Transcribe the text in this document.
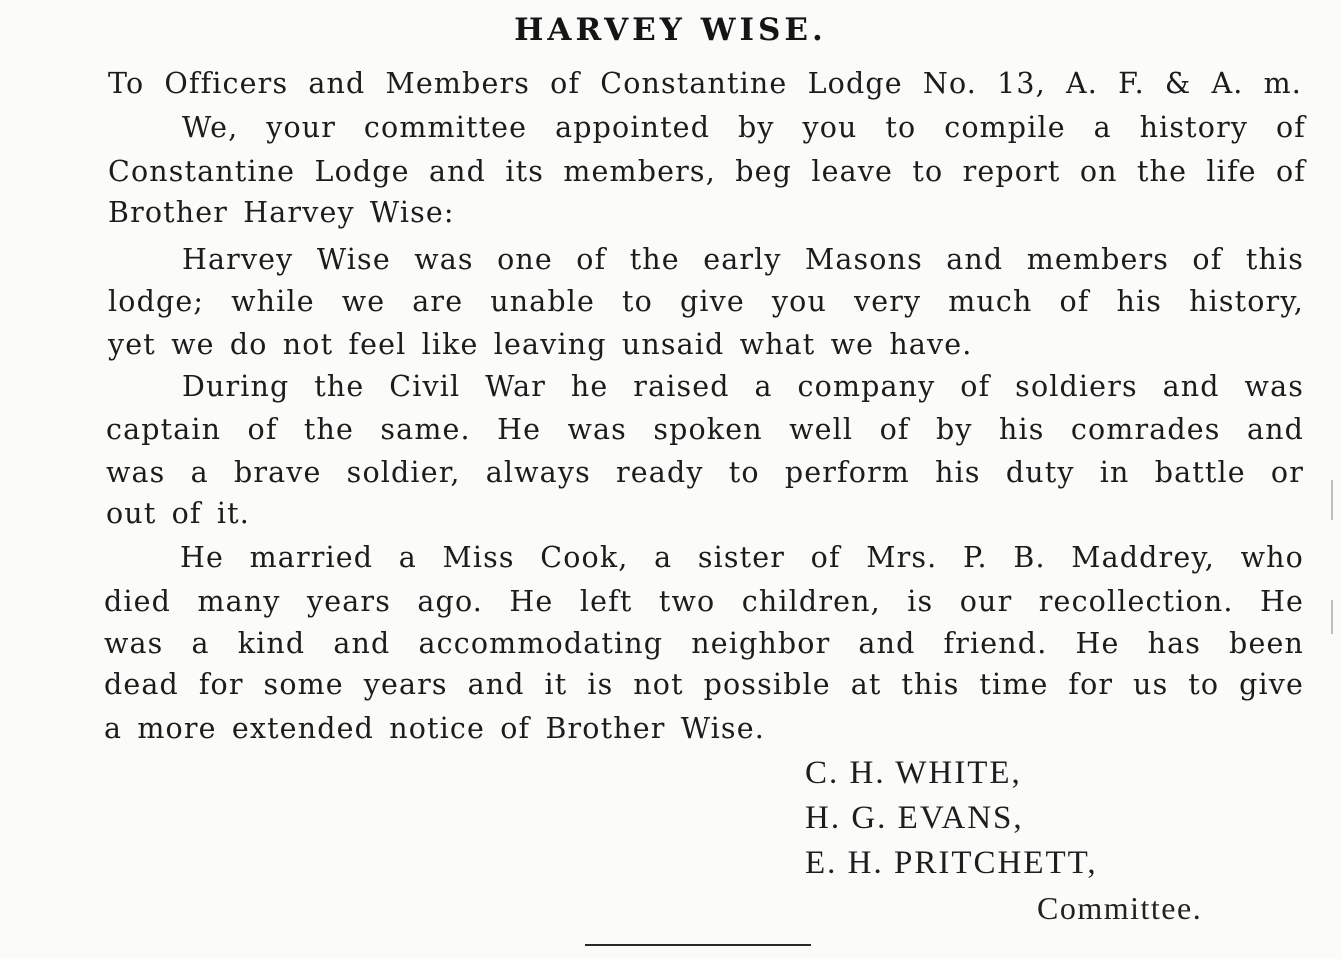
HARVEY WISE.
To Officers and Members of Constantine Lodge No. 13, A. F. & A. m.
We, your committee appointed by you to compile a history of
Constantine Lodge and its members, beg leave to report on the life of
Brother Harvey Wise:
Harvey Wise was one of the early Masons and members of this
lodge; while we are unable to give you very much of his history,
yet we do not feel like leaving unsaid what we have.
During the Civil War he raised a company of soldiers and was
captain of the same. He was spoken well of by his comrades and
was a brave soldier, always ready to perform his duty in battle or
out of it.
He married a Miss Cook, a sister of Mrs. P. B. Maddrey, who
died many years ago. He left two children, is our recollection. He
was a kind and accommodating neighbor and friend. He has been
dead for some years and it is not possible at this time for us to give
a more extended notice of Brother Wise.
C. H. WHITE,
H. G. EVANS,
E. H. PRITCHETT,
Committee.
